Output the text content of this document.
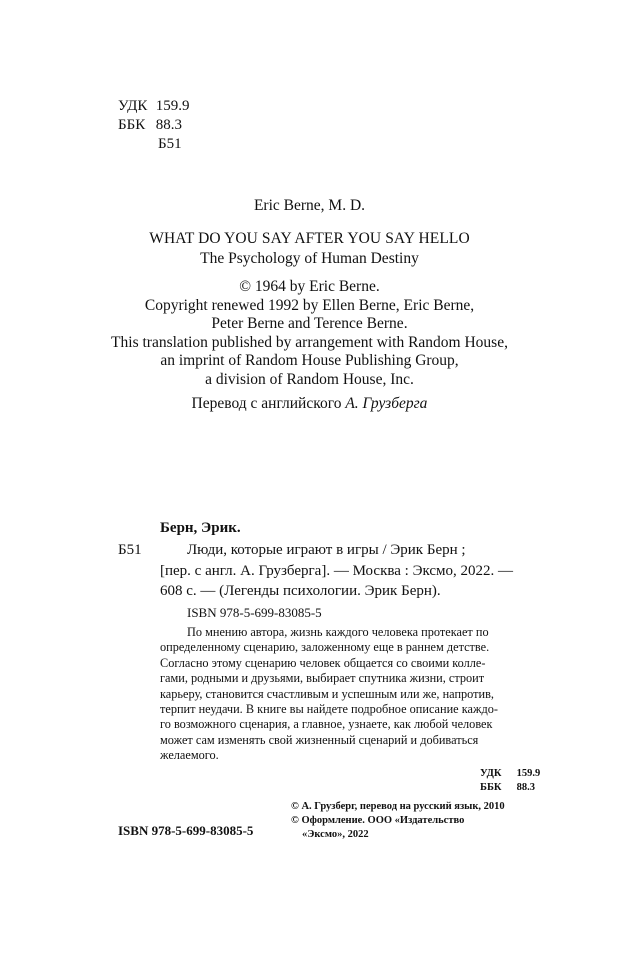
УДК 159.9
ББК 88.3
Б51
Eric Berne, M. D.
WHAT DO YOU SAY AFTER YOU SAY HELLO
The Psychology of Human Destiny
© 1964 by Eric Berne.
Copyright renewed 1992 by Ellen Berne, Eric Berne,
Peter Berne and Terence Berne.
This translation published by arrangement with Random House,
an imprint of Random House Publishing Group,
a division of Random House, Inc.
Перевод с английского А. Грузберга
Берн, Эрик.
Б51	Люди, которые играют в игры / Эрик Берн ;
[пер. с англ. А. Грузберга]. — Москва : Эксмо, 2022. —
608 с. — (Легенды психологии. Эрик Берн).
ISBN 978-5-699-83085-5
По мнению автора, жизнь каждого человека протекает по
определенному сценарию, заложенному еще в раннем детстве.
Согласно этому сценарию человек общается со своими колле-
гами, родными и друзьями, выбирает спутника жизни, строит
карьеру, становится счастливым и успешным или же, напротив,
терпит неудачи. В книге вы найдете подробное описание каждо-
го возможного сценария, а главное, узнаете, как любой человек
может сам изменять свой жизненный сценарий и добиваться
желаемого.
УДК 159.9
ББК 88.3
© А. Грузберг, перевод на русский язык, 2010
© Оформление. ООО «Издательство
«Эксмо», 2022
ISBN 978-5-699-83085-5
